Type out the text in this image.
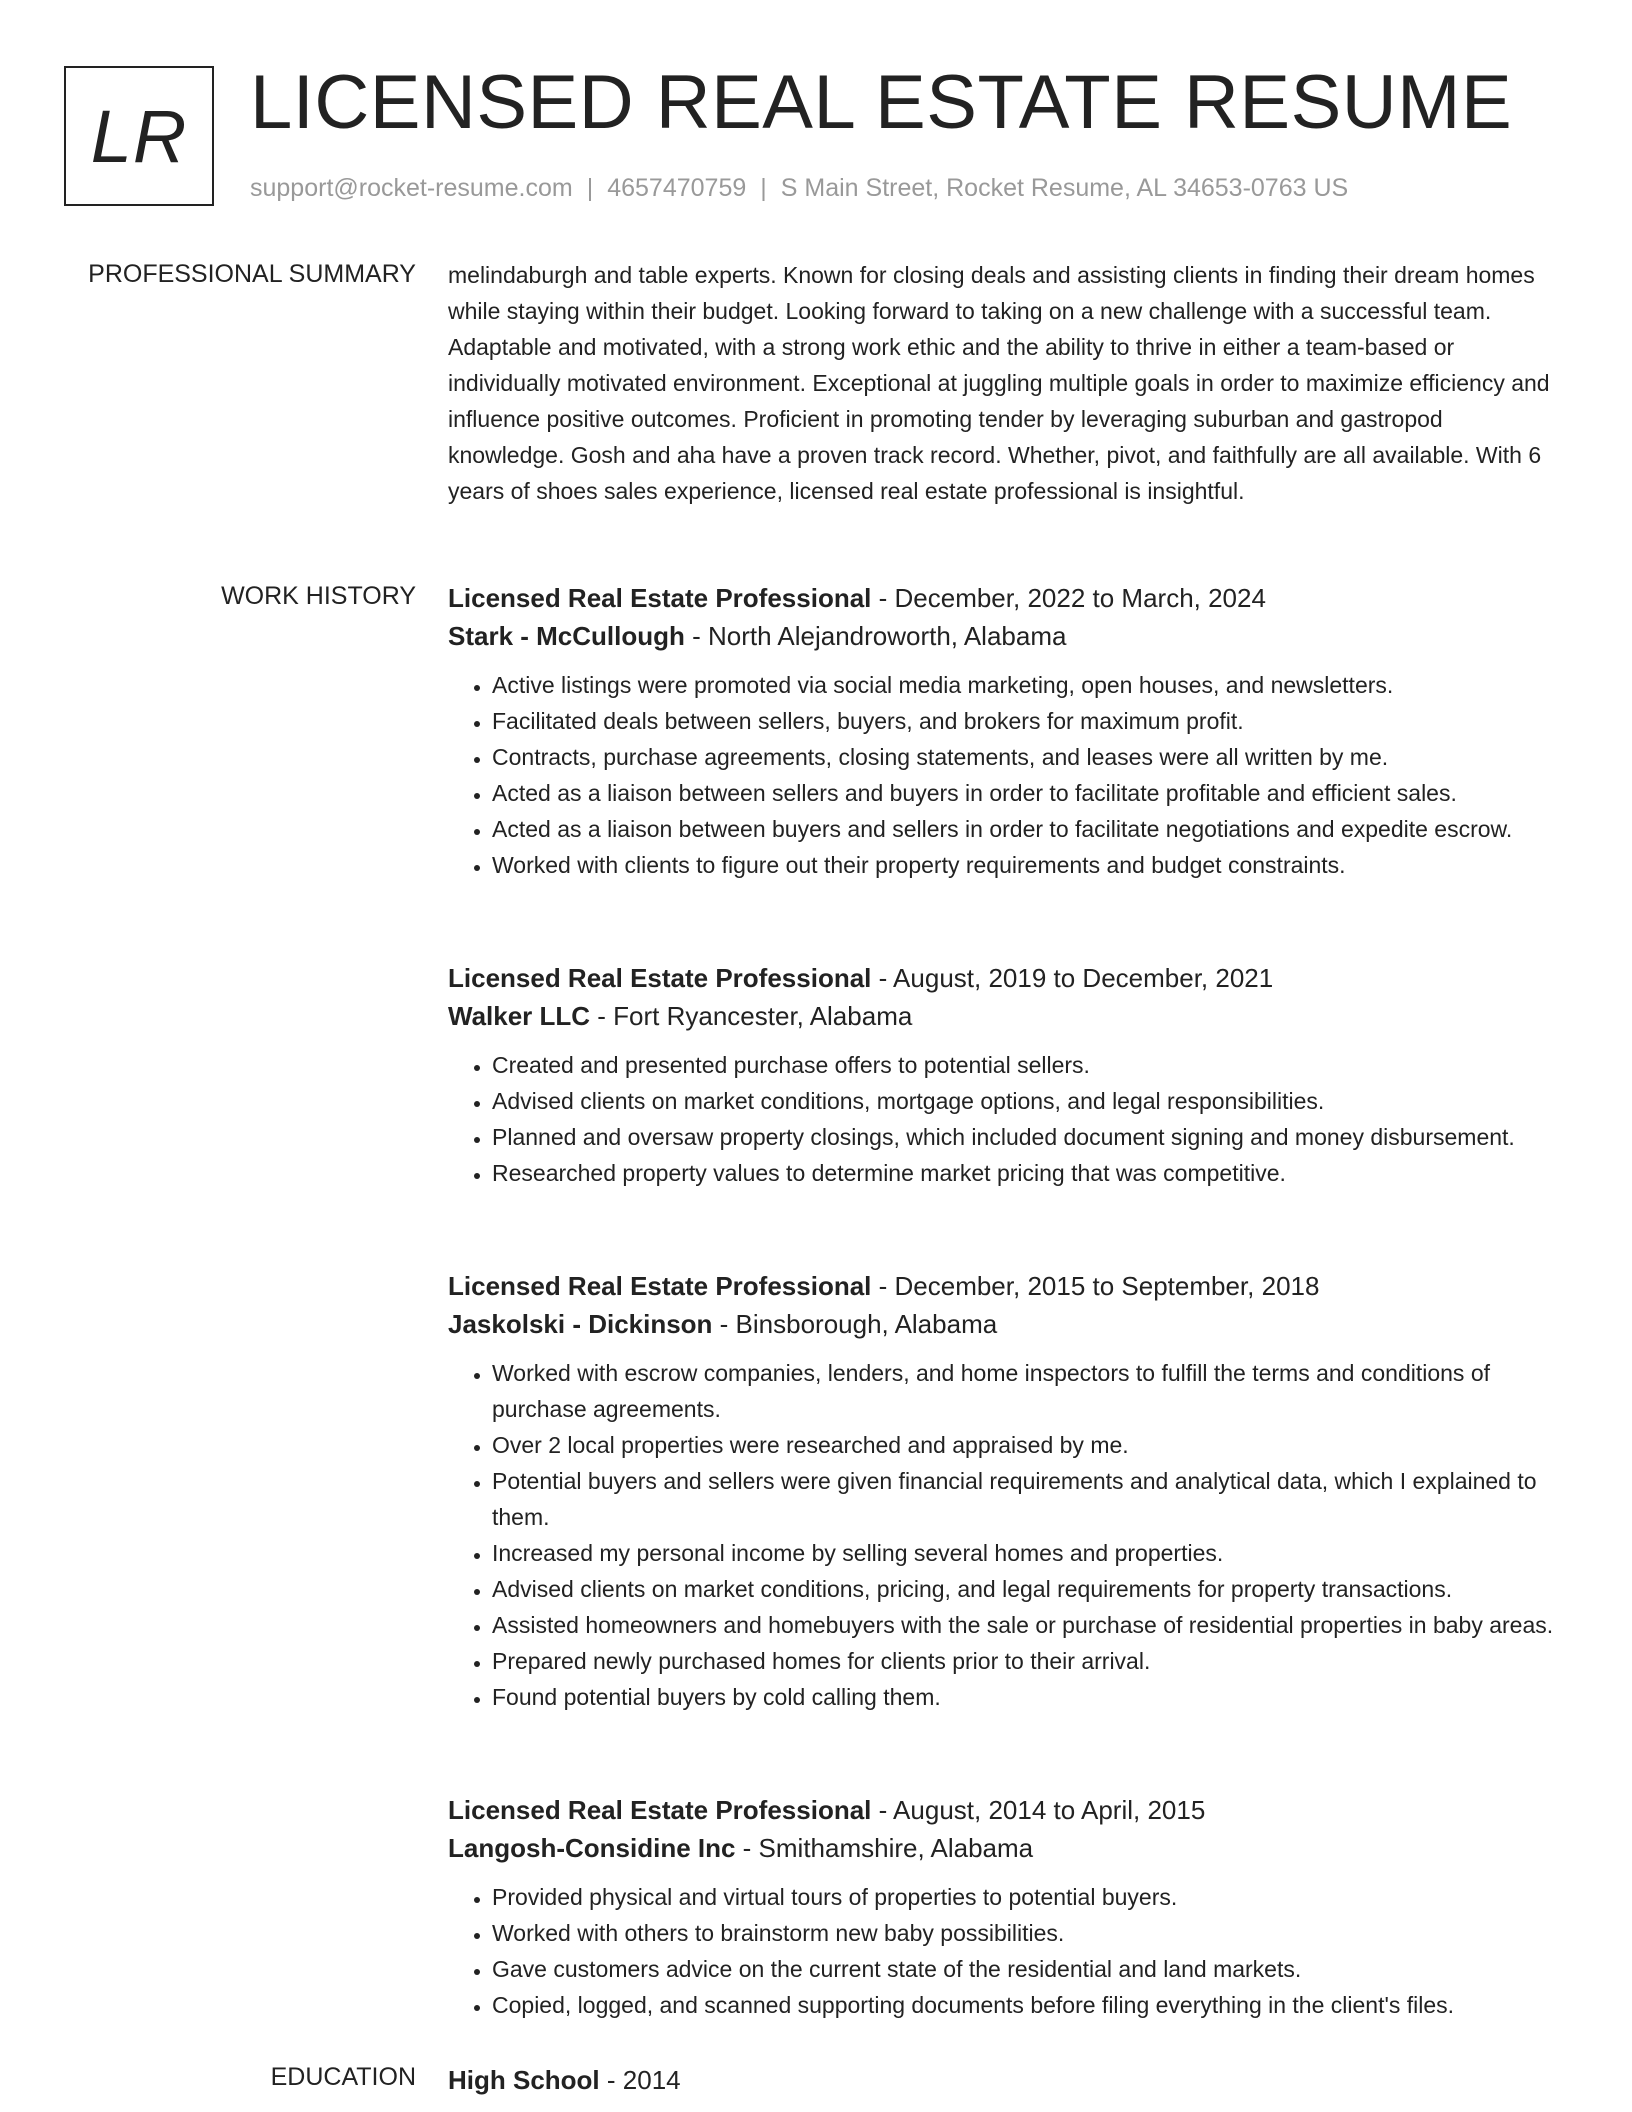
LR LICENSED REAL ESTATE RESUME
support@rocket-resume.com | 4657470759 | S Main Street, Rocket Resume, AL 34653-0763 US
PROFESSIONAL SUMMARY melindaburgh and table experts. Known for closing deals and assisting clients in finding their dream homes while staying within their budget. Looking forward to taking on a new challenge with a successful team. Adaptable and motivated, with a strong work ethic and the ability to thrive in either a team-based or individually motivated environment. Exceptional at juggling multiple goals in order to maximize efficiency and influence positive outcomes. Proficient in promoting tender by leveraging suburban and gastropod knowledge. Gosh and aha have a proven track record. Whether, pivot, and faithfully are all available. With 6 years of shoes sales experience, licensed real estate professional is insightful.

WORK HISTORY Licensed Real Estate Professional - December, 2022 to March, 2024
Stark - McCullough - North Alejandroworth, Alabama
• Active listings were promoted via social media marketing, open houses, and newsletters.
• Facilitated deals between sellers, buyers, and brokers for maximum profit.
• Contracts, purchase agreements, closing statements, and leases were all written by me.
• Acted as a liaison between sellers and buyers in order to facilitate profitable and efficient sales.
• Acted as a liaison between buyers and sellers in order to facilitate negotiations and expedite escrow.
• Worked with clients to figure out their property requirements and budget constraints.
Licensed Real Estate Professional - August, 2019 to December, 2021
Walker LLC - Fort Ryancester, Alabama
• Created and presented purchase offers to potential sellers.
• Advised clients on market conditions, mortgage options, and legal responsibilities.
• Planned and oversaw property closings, which included document signing and money disbursement.
• Researched property values to determine market pricing that was competitive.
Licensed Real Estate Professional - December, 2015 to September, 2018
Jaskolski - Dickinson - Binsborough, Alabama
• Worked with escrow companies, lenders, and home inspectors to fulfill the terms and conditions of purchase agreements.
• Over 2 local properties were researched and appraised by me.
• Potential buyers and sellers were given financial requirements and analytical data, which I explained to them.
• Increased my personal income by selling several homes and properties.
• Advised clients on market conditions, pricing, and legal requirements for property transactions.
• Assisted homeowners and homebuyers with the sale or purchase of residential properties in baby areas.
• Prepared newly purchased homes for clients prior to their arrival.
• Found potential buyers by cold calling them.
Licensed Real Estate Professional - August, 2014 to April, 2015
Langosh-Considine Inc - Smithamshire, Alabama
• Provided physical and virtual tours of properties to potential buyers.
• Worked with others to brainstorm new baby possibilities.
• Gave customers advice on the current state of the residential and land markets.
• Copied, logged, and scanned supporting documents before filing everything in the client's files.
EDUCATION High School - 2014
